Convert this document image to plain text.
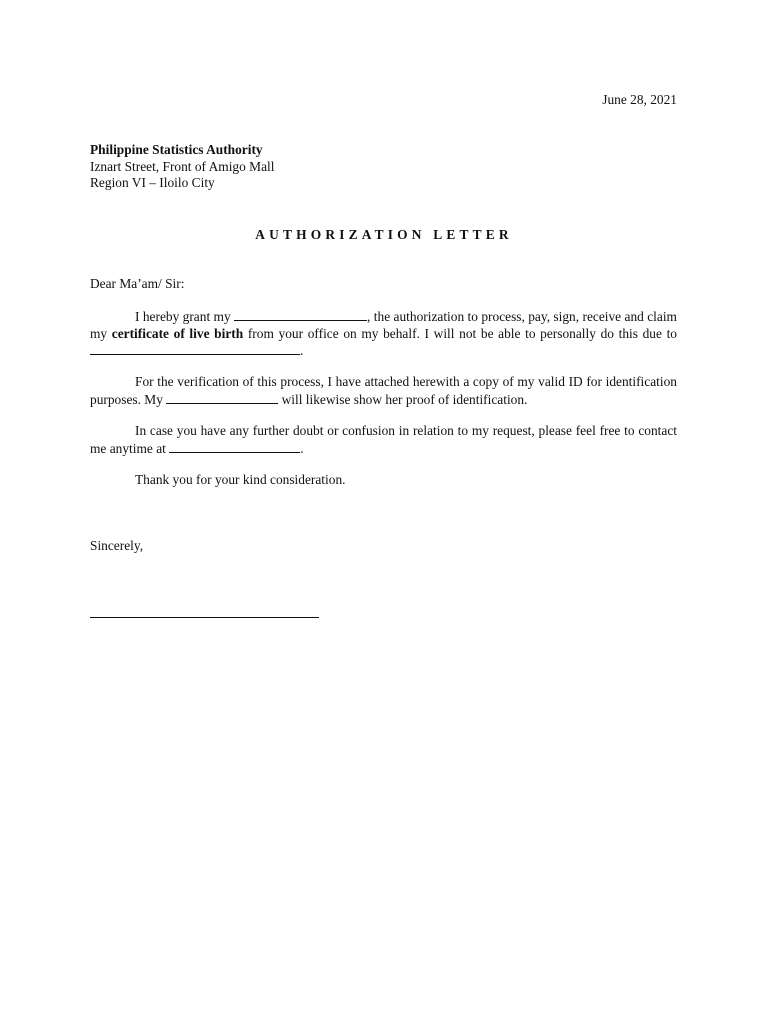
June 28, 2021
Philippine Statistics Authority
Iznart Street, Front of Amigo Mall
Region VI – Iloilo City
AUTHORIZATION LETTER
Dear Ma’am/ Sir:
I hereby grant my	, the authorization to process, pay, sign, receive and claim my certificate of live birth from your office on my behalf. I will not be able to personally do this due to .
For the verification of this process, I have attached herewith a copy of my valid ID for identification purposes. My	will likewise show her proof of identification.
In case you have any further doubt or confusion in relation to my request, please feel free to contact me anytime at	.
Thank you for your kind consideration.
Sincerely,
